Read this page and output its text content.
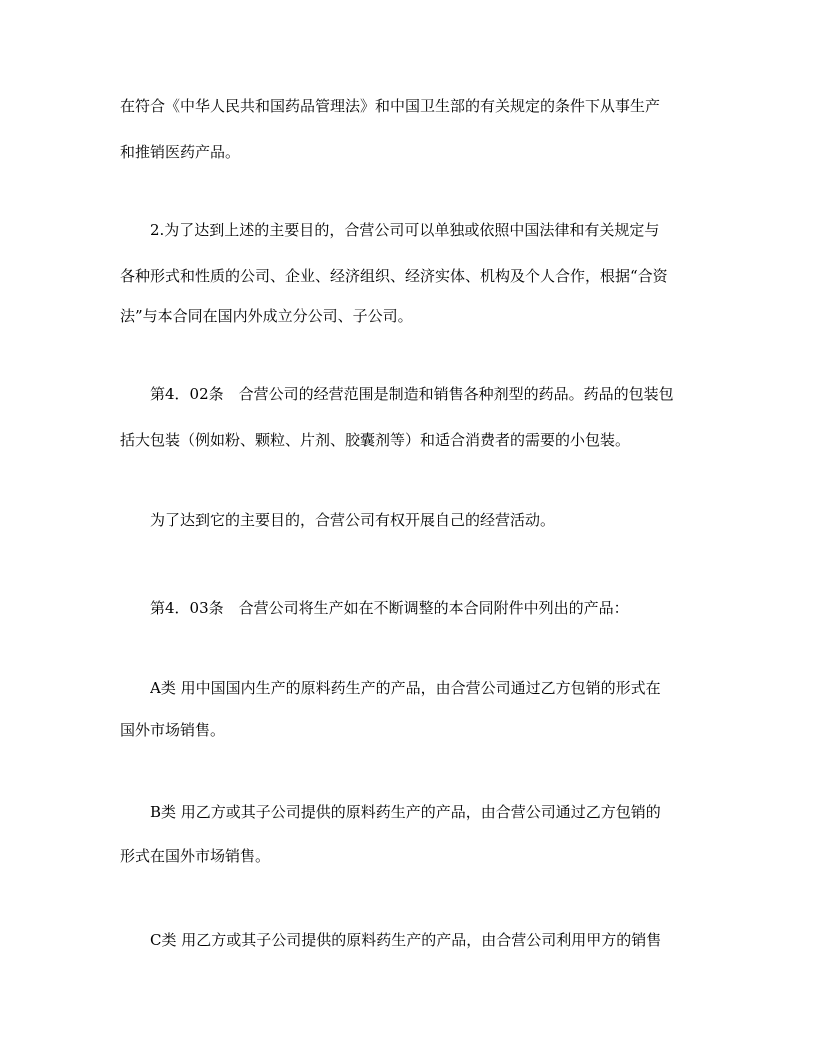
在符合《中华人民共和国药品管理法》和中国卫生部的有关规定的条件下从事生产
和推销医药产品。
2.为了达到上述的主要目的，合营公司可以单独或依照中国法律和有关规定与
各种形式和性质的公司、企业、经济组织、经济实体、机构及个人合作，根据“合资
法”与本合同在国内外成立分公司、子公司。
第4．02条　合营公司的经营范围是制造和销售各种剂型的药品。药品的包装包
括大包装（例如粉、颗粒、片剂、胶囊剂等）和适合消费者的需要的小包装。
为了达到它的主要目的，合营公司有权开展自己的经营活动。
第4．03条　合营公司将生产如在不断调整的本合同附件中列出的产品：
A类 用中国国内生产的原料药生产的产品，由合营公司通过乙方包销的形式在
国外市场销售。
B类 用乙方或其子公司提供的原料药生产的产品，由合营公司通过乙方包销的
形式在国外市场销售。
C类 用乙方或其子公司提供的原料药生产的产品，由合营公司利用甲方的销售
